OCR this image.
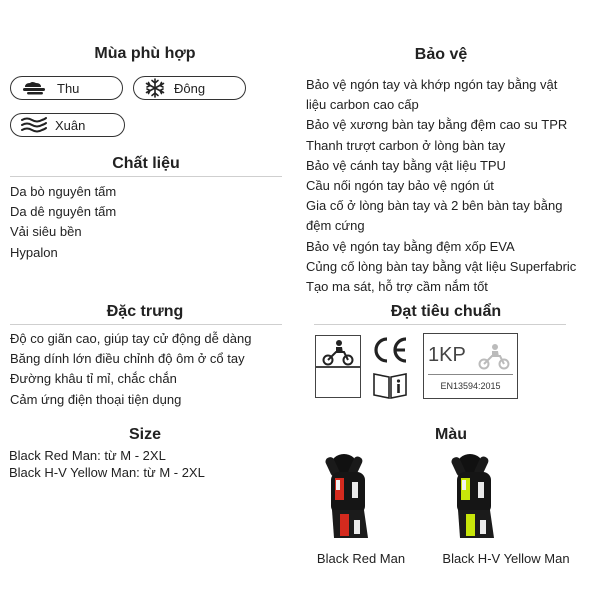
Mùa phù hợp
Thu	Đông
Xuân
Chất liệu
Da bò nguyên tấm
Da dê nguyên tấm
Vải siêu bền
Hypalon
Bảo vệ
Bảo vệ ngón tay và khớp ngón tay bằng vật
liệu carbon cao cấp
Bảo vệ xương bàn tay bằng đệm cao su TPR
Thanh trượt carbon ở lòng bàn tay
Bảo vệ cánh tay bằng vật liệu TPU
Cầu nối ngón tay bảo vệ ngón út
Gia cố ở lòng bàn tay và 2 bên bàn tay bằng
đệm cứng
Bảo vệ ngón tay bằng đệm xốp EVA
Củng cố lòng bàn tay bằng vật liệu Superfabric
Tạo ma sát, hỗ trợ cầm nắm tốt
Đặc trưng
Độ co giãn cao, giúp tay cử động dễ dàng
Băng dính lớn điều chỉnh độ ôm ở cổ tay
Đường khâu tỉ mỉ, chắc chắn
Cảm ứng điện thoại tiện dụng
Đạt tiêu chuẩn
1KP
EN13594:2015
Size
Black Red Man: từ M - 2XL
Black H-V Yellow Man: từ M - 2XL
Màu
Black Red Man	Black H-V Yellow Man
